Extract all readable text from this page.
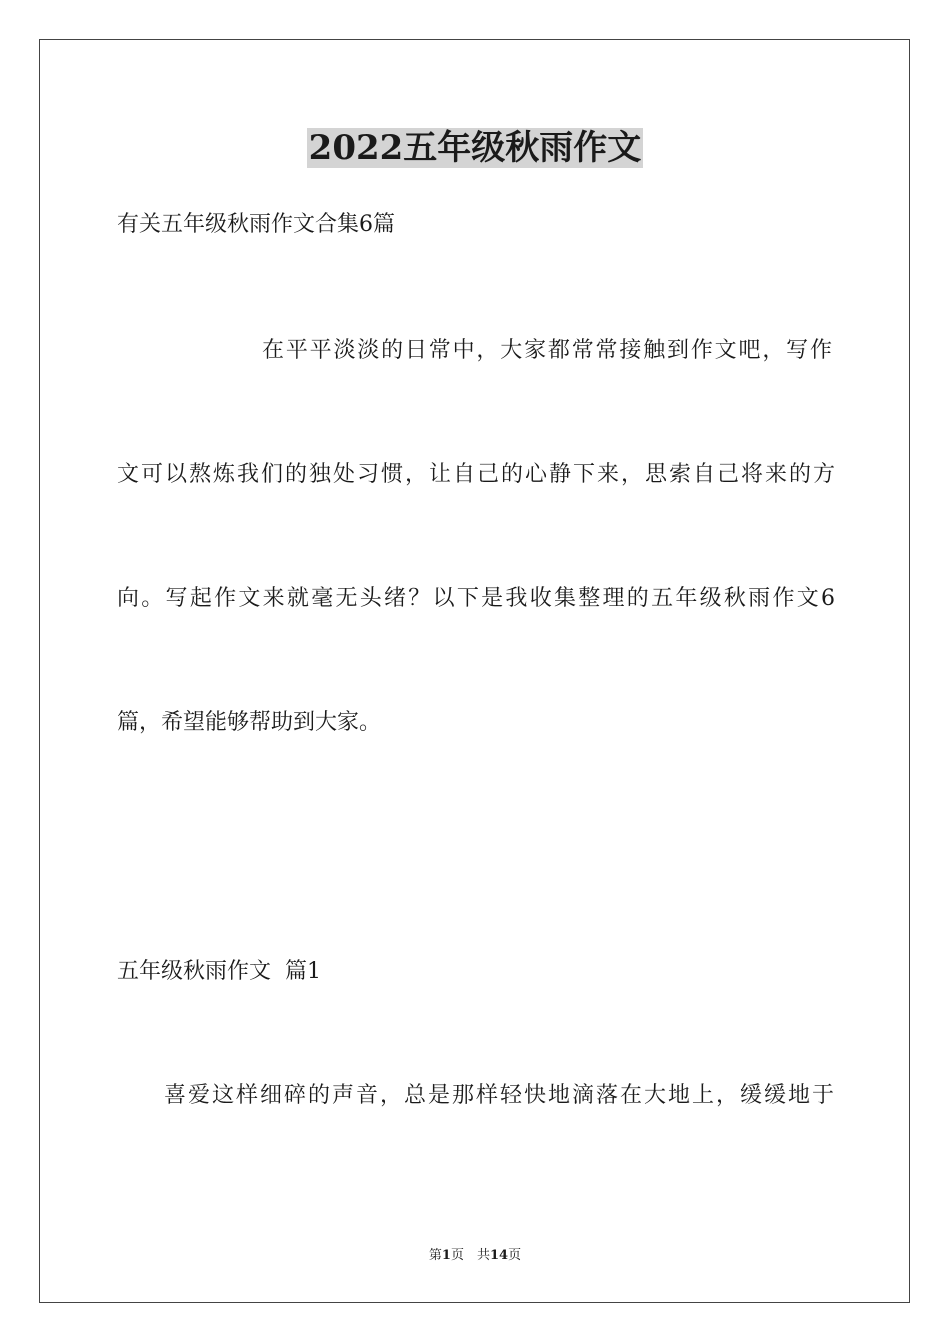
2022五年级秋雨作文

有关五年级秋雨作文合集6篇

在平平淡淡的日常中，大家都常常接触到作文吧，写作

文可以熬炼我们的独处习惯，让自己的心静下来，思索自己将来的方

向。写起作文来就毫无头绪？以下是我收集整理的五年级秋雨作文6

篇，希望能够帮助到大家。

五年级秋雨作文  篇1

喜爱这样细碎的声音，总是那样轻快地滴落在大地上，缓缓地于

第1页　共14页
